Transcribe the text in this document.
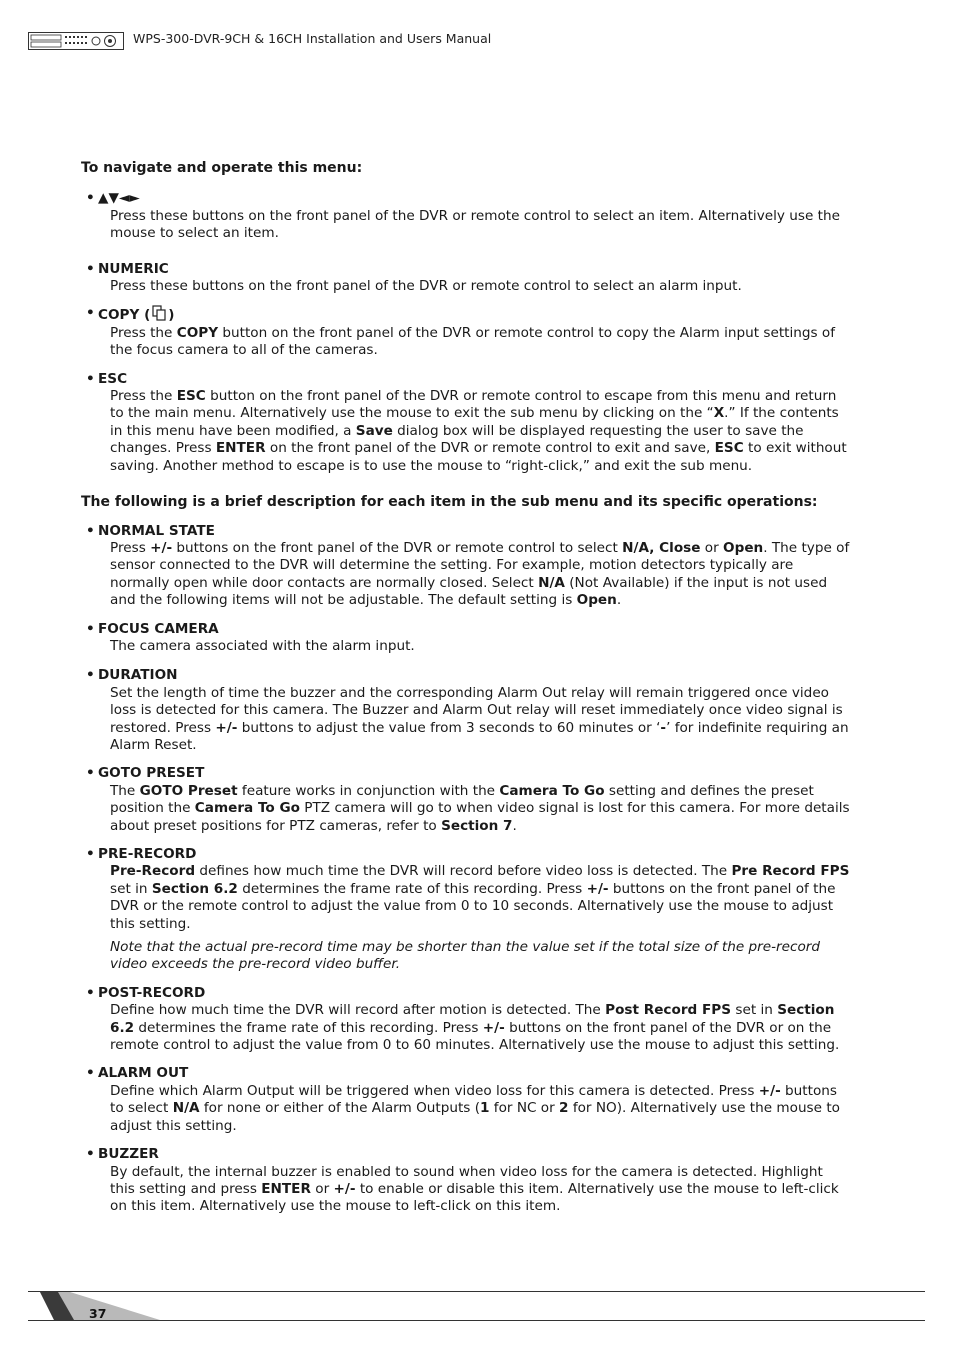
WPS-300-DVR-9CH & 16CH Installation and Users Manual

To navigate and operate this menu:

• ▲▼◄►
Press these buttons on the front panel of the DVR or remote control to select an item. Alternatively use the mouse to select an item.
• NUMERIC
Press these buttons on the front panel of the DVR or remote control to select an alarm input.
• COPY ( )
Press the COPY button on the front panel of the DVR or remote control to copy the Alarm input settings of the focus camera to all of the cameras.
• ESC
Press the ESC button on the front panel of the DVR or remote control to escape from this menu and return to the main menu. Alternatively use the mouse to exit the sub menu by clicking on the “X.” If the contents in this menu have been modified, a Save dialog box will be displayed requesting the user to save the changes. Press ENTER on the front panel of the DVR or remote control to exit and save, ESC to exit without saving. Another method to escape is to use the mouse to “right-click,” and exit the sub menu.

The following is a brief description for each item in the sub menu and its specific operations:

• NORMAL STATE
Press +/- buttons on the front panel of the DVR or remote control to select N/A, Close or Open. The type of sensor connected to the DVR will determine the setting. For example, motion detectors typically are normally open while door contacts are normally closed. Select N/A (Not Available) if the input is not used and the following items will not be adjustable. The default setting is Open.
• FOCUS CAMERA
The camera associated with the alarm input.
• DURATION
Set the length of time the buzzer and the corresponding Alarm Out relay will remain triggered once video loss is detected for this camera. The Buzzer and Alarm Out relay will reset immediately once video signal is restored. Press +/- buttons to adjust the value from 3 seconds to 60 minutes or ‘-’ for indefinite requiring an Alarm Reset.
• GOTO PRESET
The GOTO Preset feature works in conjunction with the Camera To Go setting and defines the preset position the Camera To Go PTZ camera will go to when video signal is lost for this camera. For more details about preset positions for PTZ cameras, refer to Section 7.
• PRE-RECORD
Pre-Record defines how much time the DVR will record before video loss is detected. The Pre Record FPS set in Section 6.2 determines the frame rate of this recording. Press +/- buttons on the front panel of the DVR or the remote control to adjust the value from 0 to 10 seconds. Alternatively use the mouse to adjust this setting.
Note that the actual pre-record time may be shorter than the value set if the total size of the pre-record video exceeds the pre-record video buffer.
• POST-RECORD
Define how much time the DVR will record after motion is detected. The Post Record FPS set in Section 6.2 determines the frame rate of this recording. Press +/- buttons on the front panel of the DVR or on the remote control to adjust the value from 0 to 60 minutes. Alternatively use the mouse to adjust this setting.
• ALARM OUT
Define which Alarm Output will be triggered when video loss for this camera is detected. Press +/- buttons to select N/A for none or either of the Alarm Outputs (1 for NC or 2 for NO). Alternatively use the mouse to adjust this setting.
• BUZZER
By default, the internal buzzer is enabled to sound when video loss for the camera is detected. Highlight this setting and press ENTER or +/- to enable or disable this item. Alternatively use the mouse to left-click on this item. Alternatively use the mouse to left-click on this item.
37
